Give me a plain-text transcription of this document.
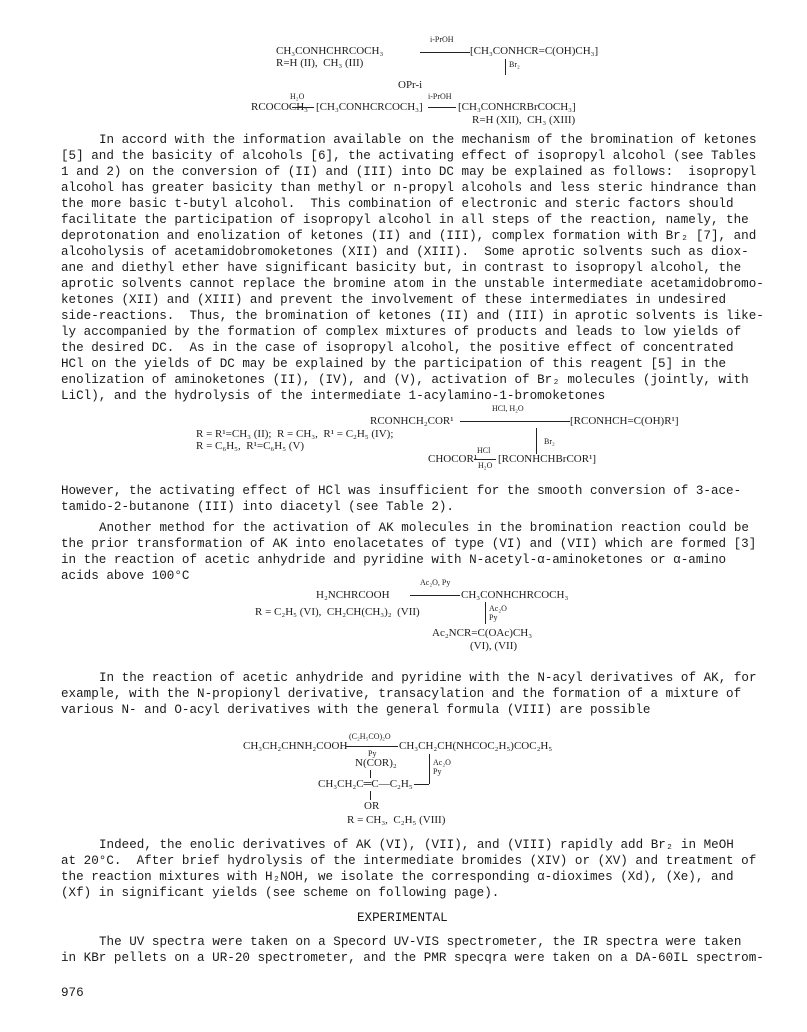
i-PrOH
CH₃CONHCHRCOCH₃	[CH₃CONHCR=C(OH)CH₃]
R=H (II),  CH₃ (III)	Br₂
OPr-i
H₂O	i-PrOH
RCOCOCH₃ [CH₃CONHCRCOCH₃]	[CH₃CONHCRBrCOCH₃]
R=H (XII),  CH₃ (XIII)
In accord with the information available on the mechanism of the bromination of ketones
[5] and the basicity of alcohols [6], the activating effect of isopropyl alcohol (see Tables
1 and 2) on the conversion of (II) and (III) into DC may be explained as follows:  isopropyl
alcohol has greater basicity than methyl or n-propyl alcohols and less steric hindrance than
the more basic t-butyl alcohol.  This combination of electronic and steric factors should
facilitate the participation of isopropyl alcohol in all steps of the reaction, namely, the
deprotonation and enolization of ketones (II) and (III), complex formation with Br₂ [7], and
alcoholysis of acetamidobromoketones (XII) and (XIII).  Some aprotic solvents such as diox-
ane and diethyl ether have significant basicity but, in contrast to isopropyl alcohol, the
aprotic solvents cannot replace the bromine atom in the unstable intermediate acetamidobromo-
ketones (XII) and (XIII) and prevent the involvement of these intermediates in undesired
side-reactions.  Thus, the bromination of ketones (II) and (III) in aprotic solvents is like-
ly accompanied by the formation of complex mixtures of products and leads to low yields of
the desired DC.  As in the case of isopropyl alcohol, the positive effect of concentrated
HCl on the yields of DC may be explained by the participation of this reagent [5] in the
enolization of aminoketones (II), (IV), and (V), activation of Br₂ molecules (jointly, with
LiCl), and the hydrolysis of the intermediate 1-acylamino-1-bromoketones
HCl, H₂O
RCONHCH₂COR¹	[RCONHCH=C(OH)R¹]
R = R¹=CH₃ (II);  R = CH₃,  R¹ = C₂H₅ (IV);
R = C₆H₅,  R¹=C₆H₅ (V)	Br₂
HCl
CHOCOR¹
H₂O
[RCONHCHBrCOR¹]
However, the activating effect of HCl was insufficient for the smooth conversion of 3-ace-
tamido-2-butanone (III) into diacetyl (see Table 2).
Another method for the activation of AK molecules in the bromination reaction could be
the prior transformation of AK into enolacetates of type (VI) and (VII) which are formed [3]
in the reaction of acetic anhydride and pyridine with N-acetyl-α-aminoketones or α-amino
acids above 100°C	Ac₂O, Py
H₂NCHRCOOH	CH₃CONHCHRCOCH₃
R = C₂H₅ (VI),  CH₂CH(CH₃)₂  (VII)	Ac₂O
Py
Ac₂NCR=C(OAc)CH₃
(VI), (VII)
In the reaction of acetic anhydride and pyridine with the N-acyl derivatives of AK, for
example, with the N-propionyl derivative, transacylation and the formation of a mixture of
various N- and O-acyl derivatives with the general formula (VIII) are possible
(C₂H₅CO)₂O
CH₃CH₂CHNH₂COOH
Py
CH₃CH₂CH(NHCOC₂H₅)COC₂H₅
N(COR)₂	Ac₂O
Py
CH₃CH₂C═C—C₂H₅
OR
R = CH₃,  C₂H₅ (VIII)
Indeed, the enolic derivatives of AK (VI), (VII), and (VIII) rapidly add Br₂ in MeOH
at 20°C.  After brief hydrolysis of the intermediate bromides (XIV) or (XV) and treatment of
the reaction mixtures with H₂NOH, we isolate the corresponding α-dioximes (Xd), (Xe), and
(Xf) in significant yields (see scheme on following page).
EXPERIMENTAL
The UV spectra were taken on a Specord UV-VIS spectrometer, the IR spectra were taken
in KBr pellets on a UR-20 spectrometer, and the PMR specqra were taken on a DA-60IL spectrom-
976
